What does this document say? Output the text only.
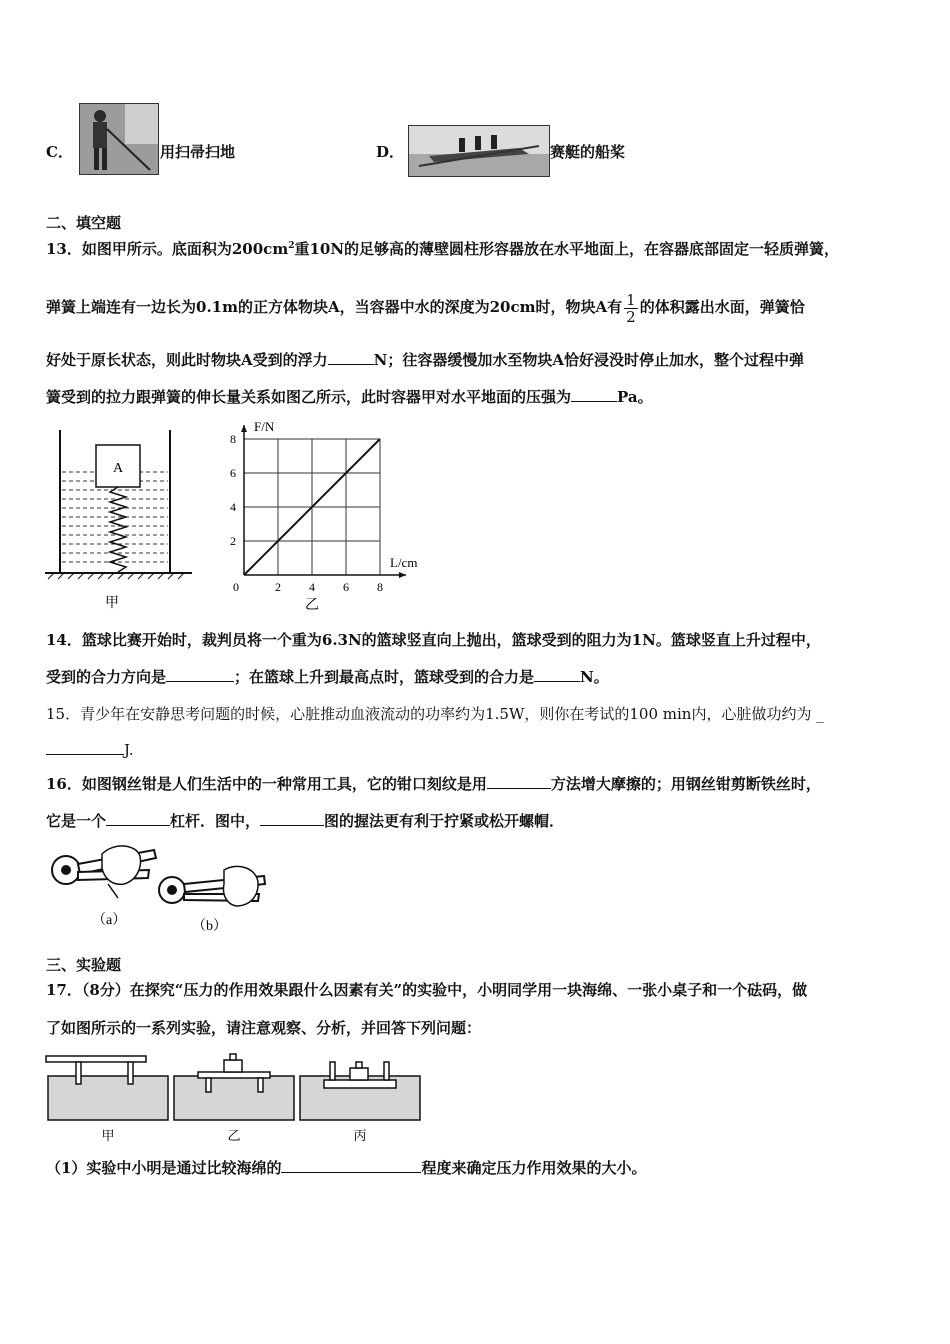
C．	用扫帚扫地	D．	赛艇的船桨
二、填空题
13．如图甲所示。底面积为$200cm^2$重10N的足够高的薄壁圆柱形容器放在水平地面上，在容器底部固定一轻质弹簧，
弹簧上端连有一边长为0.1m的正方体物块A，当容器中水的深度为20cm时，物块A有 $\frac{1}{2}$ 的体积露出水面，弹簧恰
好处于原长状态，则此时物块A受到的浮力	N；往容器缓慢加水至物块A恰好浸没时停止加水，整个过程中弹
簧受到的拉力跟弹簧的伸长量关系如图乙所示，此时容器甲对水平地面的压强为	Pa。
A
甲
0	2 4 6 8
2
4
6
8
F/N
L/cm
乙
14．篮球比赛开始时，裁判员将一个重为6.3N的篮球竖直向上抛出，篮球受到的阻力为1N。篮球竖直上升过程中，
受到的合力方向是	；在篮球上升到最高点时，篮球受到的合力是	N。
15．青少年在安静思考问题的时候，心脏推动血液流动的功率约为1.5W，则你在考试的100 min内，心脏做功约为 _
J.
16．如图钢丝钳是人们生活中的一种常用工具，它的钳口刻纹是用	方法增大摩擦的；用钢丝钳剪断铁丝时，
它是一个	杠杆．图中，	图的握法更有利于拧紧或松开螺帽．
（a）	（b）
三、实验题
17．（8分）在探究“压力的作用效果跟什么因素有关”的实验中，小明同学用一块海绵、一张小桌子和一个砝码，做
了如图所示的一系列实验，请注意观察、分析，并回答下列问题：
甲	乙	丙
（1）实验中小明是通过比较海绵的	程度来确定压力作用效果的大小。
